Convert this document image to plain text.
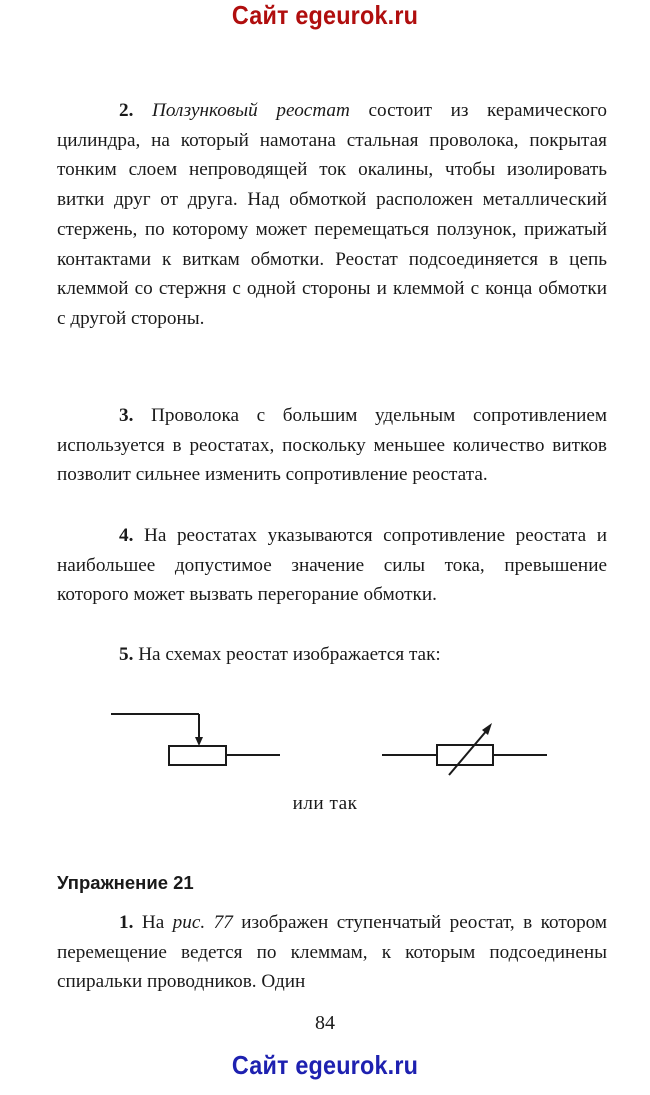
Сайт egeurok.ru

2. Ползунковый реостат состоит из керамического цилиндра, на который намотана стальная проволока, покрытая тонким слоем непроводящей ток окалины, чтобы изолировать витки друг от друга. Над обмоткой расположен металлический стержень, по которому может перемещаться ползунок, прижатый контактами к виткам обмотки. Реостат подсоединяется в цепь клеммой со стержня с одной стороны и клеммой с конца обмотки с другой стороны.

3. Проволока с большим удельным сопротивлением используется в реостатах, поскольку меньшее количество витков позволит сильнее изменить сопротивление реостата.

4. На реостатах указываются сопротивление реостата и наибольшее допустимое значение силы тока, превышение которого может вызвать перегорание обмотки.

5. На схемах реостат изображается так:

или так
Упражнение 21

1. На рис. 77 изображен ступенчатый реостат, в котором перемещение ведется по клеммам, к которым подсоединены спиральки проводников. Один

84
Сайт egeurok.ru
